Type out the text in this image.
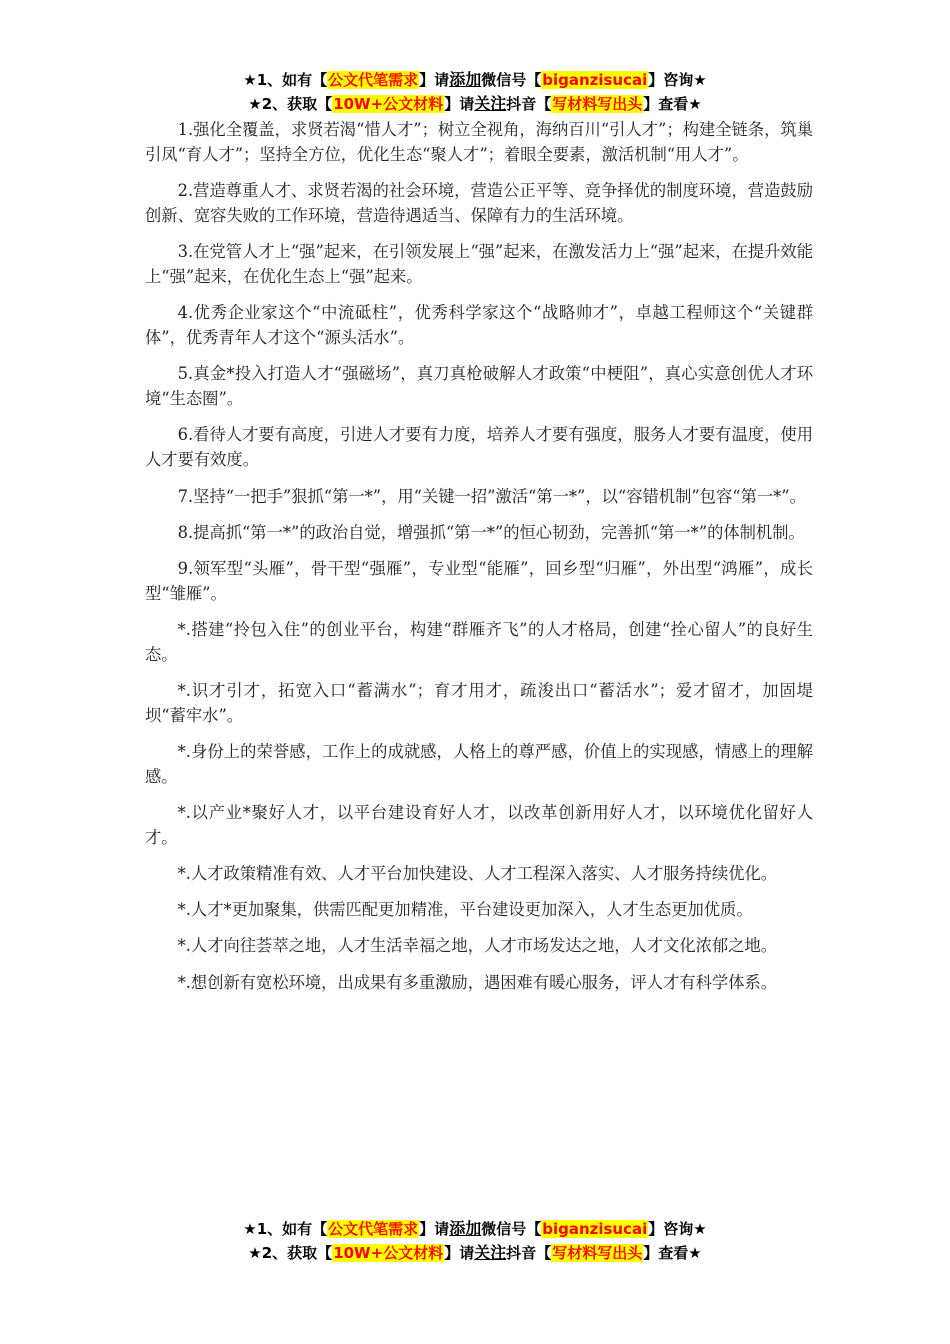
★1、如有【公文代笔需求】请添加微信号【biganzisucai】咨询★
★2、获取【10W+公文材料】请关注抖音【写材料写出头】查看★

1.强化全覆盖，求贤若渴“惜人才”；树立全视角，海纳百川“引人才”；构建全链条，筑巢引凤“育人才”；坚持全方位，优化生态“聚人才”；着眼全要素，激活机制“用人才”。

2.营造尊重人才、求贤若渴的社会环境，营造公正平等、竞争择优的制度环境，营造鼓励创新、宽容失败的工作环境，营造待遇适当、保障有力的生活环境。

3.在党管人才上“强”起来，在引领发展上“强”起来，在激发活力上“强”起来，在提升效能上“强”起来，在优化生态上“强”起来。

4.优秀企业家这个“中流砥柱”，优秀科学家这个“战略帅才”，卓越工程师这个“关键群体”，优秀青年人才这个“源头活水”。

5.真金*投入打造人才“强磁场”，真刀真枪破解人才政策“中梗阻”，真心实意创优人才环境“生态圈”。

6.看待人才要有高度，引进人才要有力度，培养人才要有强度，服务人才要有温度，使用人才要有效度。

7.坚持“一把手”狠抓“第一*”，用“关键一招”激活“第一*”，以“容错机制”包容“第一*”。

8.提高抓“第一*”的政治自觉，增强抓“第一*”的恒心韧劲，完善抓“第一*”的体制机制。

9.领军型“头雁”，骨干型“强雁”，专业型“能雁”，回乡型“归雁”，外出型“鸿雁”，成长型“雏雁”。

*.搭建“拎包入住”的创业平台，构建“群雁齐飞”的人才格局，创建“拴心留人”的良好生态。

*.识才引才，拓宽入口“蓄满水”；育才用才，疏浚出口“蓄活水”；爱才留才，加固堤坝“蓄牢水”。

*.身份上的荣誉感，工作上的成就感，人格上的尊严感，价值上的实现感，情感上的理解感。

*.以产业*聚好人才，以平台建设育好人才，以改革创新用好人才，以环境优化留好人才。

*.人才政策精准有效、人才平台加快建设、人才工程深入落实、人才服务持续优化。

*.人才*更加聚集，供需匹配更加精准，平台建设更加深入，人才生态更加优质。

*.人才向往荟萃之地，人才生活幸福之地，人才市场发达之地，人才文化浓郁之地。

*.想创新有宽松环境，出成果有多重激励，遇困难有暖心服务，评人才有科学体系。

★1、如有【公文代笔需求】请添加微信号【biganzisucai】咨询★
★2、获取【10W+公文材料】请关注抖音【写材料写出头】查看★
